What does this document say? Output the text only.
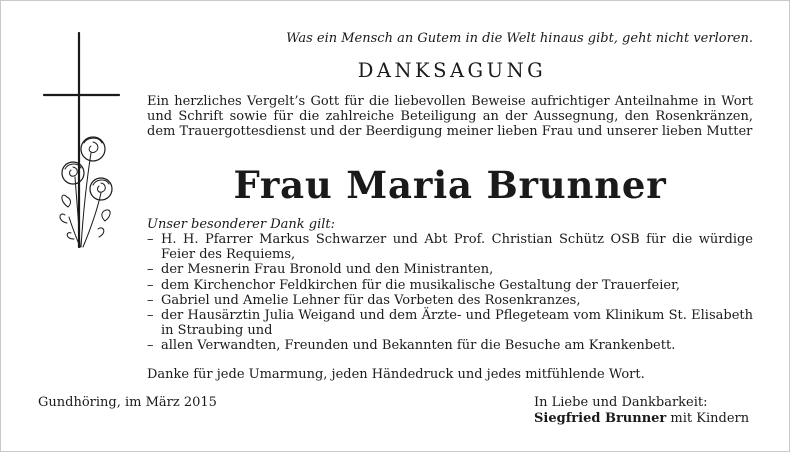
Was ein Mensch an Gutem in die Welt hinaus gibt, geht nicht verloren.
DANKSAGUNG
Ein herzliches Vergelt’s Gott für die liebevollen Beweise aufrichtiger Anteilnahme in Wort und Schrift sowie für die zahlreiche Beteiligung an der Aussegnung, den Rosenkränzen, dem Trauergottesdienst und der Beerdigung meiner lieben Frau und unserer lieben Mutter
Frau Maria Brunner
Unser besonderer Dank gilt:
– H. H. Pfarrer Markus Schwarzer und Abt Prof. Christian Schütz OSB für die würdige Feier des Requiems,
– der Mesnerin Frau Bronold und den Ministranten,
– dem Kirchenchor Feldkirchen für die musikalische Gestaltung der Trauerfeier,
– Gabriel und Amelie Lehner für das Vorbeten des Rosenkranzes,
– der Hausärztin Julia Weigand und dem Ärzte- und Pflegeteam vom Klinikum St. Elisabeth in Straubing und
– allen Verwandten, Freunden und Bekannten für die Besuche am Krankenbett.
Danke für jede Umarmung, jeden Händedruck und jedes mitfühlende Wort.
Gundhöring, im März 2015	In Liebe und Dankbarkeit:
Siegfried Brunner mit Kindern
